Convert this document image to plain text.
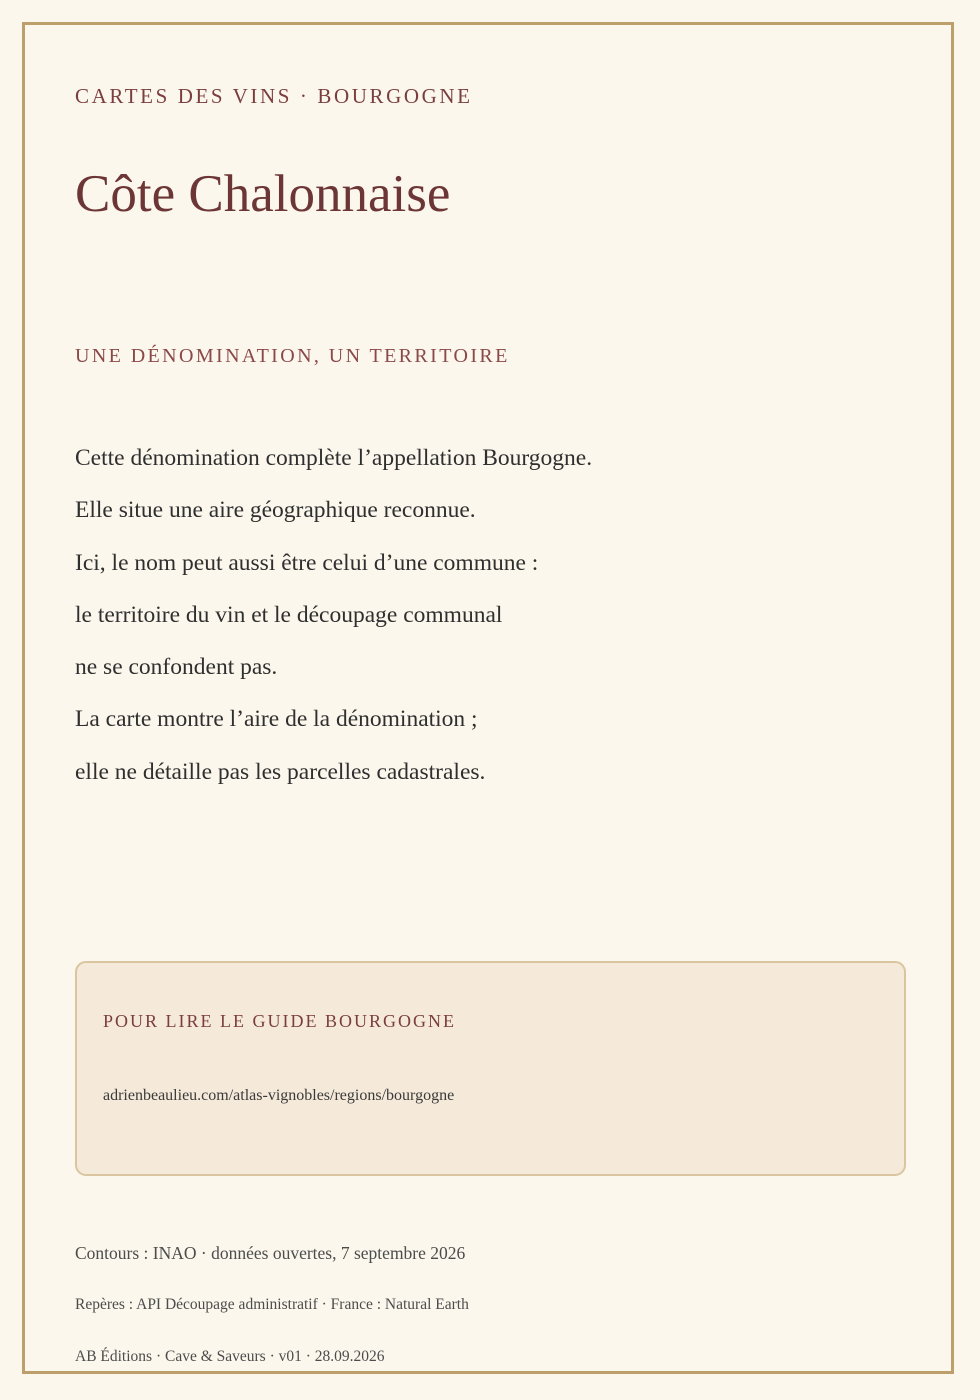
CARTES DES VINS · BOURGOGNE
Côte Chalonnaise
UNE DÉNOMINATION, UN TERRITOIRE
Cette dénomination complète l’appellation Bourgogne.
Elle situe une aire géographique reconnue.
Ici, le nom peut aussi être celui d’une commune :
le territoire du vin et le découpage communal
ne se confondent pas.
La carte montre l’aire de la dénomination ;
elle ne détaille pas les parcelles cadastrales.
POUR LIRE LE GUIDE BOURGOGNE
adrienbeaulieu.com/atlas-vignobles/regions/bourgogne
Contours : INAO · données ouvertes, 7 septembre 2026
Repères : API Découpage administratif · France : Natural Earth
AB Éditions · Cave & Saveurs · v01 · 28.09.2026
